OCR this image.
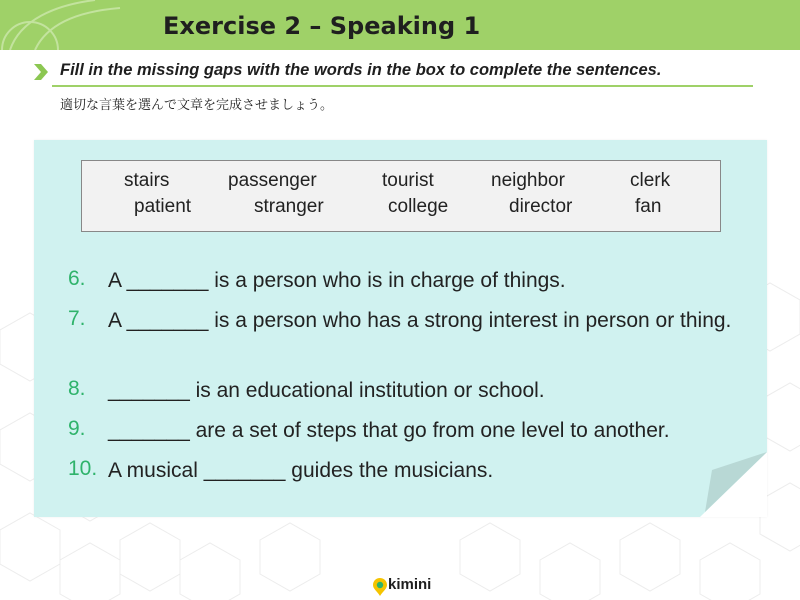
Exercise 2 – Speaking 1
Fill in the missing gaps with the words in the box to complete the sentences.
適切な言葉を選んで文章を完成させましょう。
stairs	passenger	tourist	neighbor	clerk
patient	stranger	college	director	fan
6. A _______ is a person who is in charge of things.
7. A _______ is a person who has a strong interest in person or thing.
8. _______ is an educational institution or school.
9. _______ are a set of steps that go from one level to another.
10. A musical _______ guides the musicians.
kimini
